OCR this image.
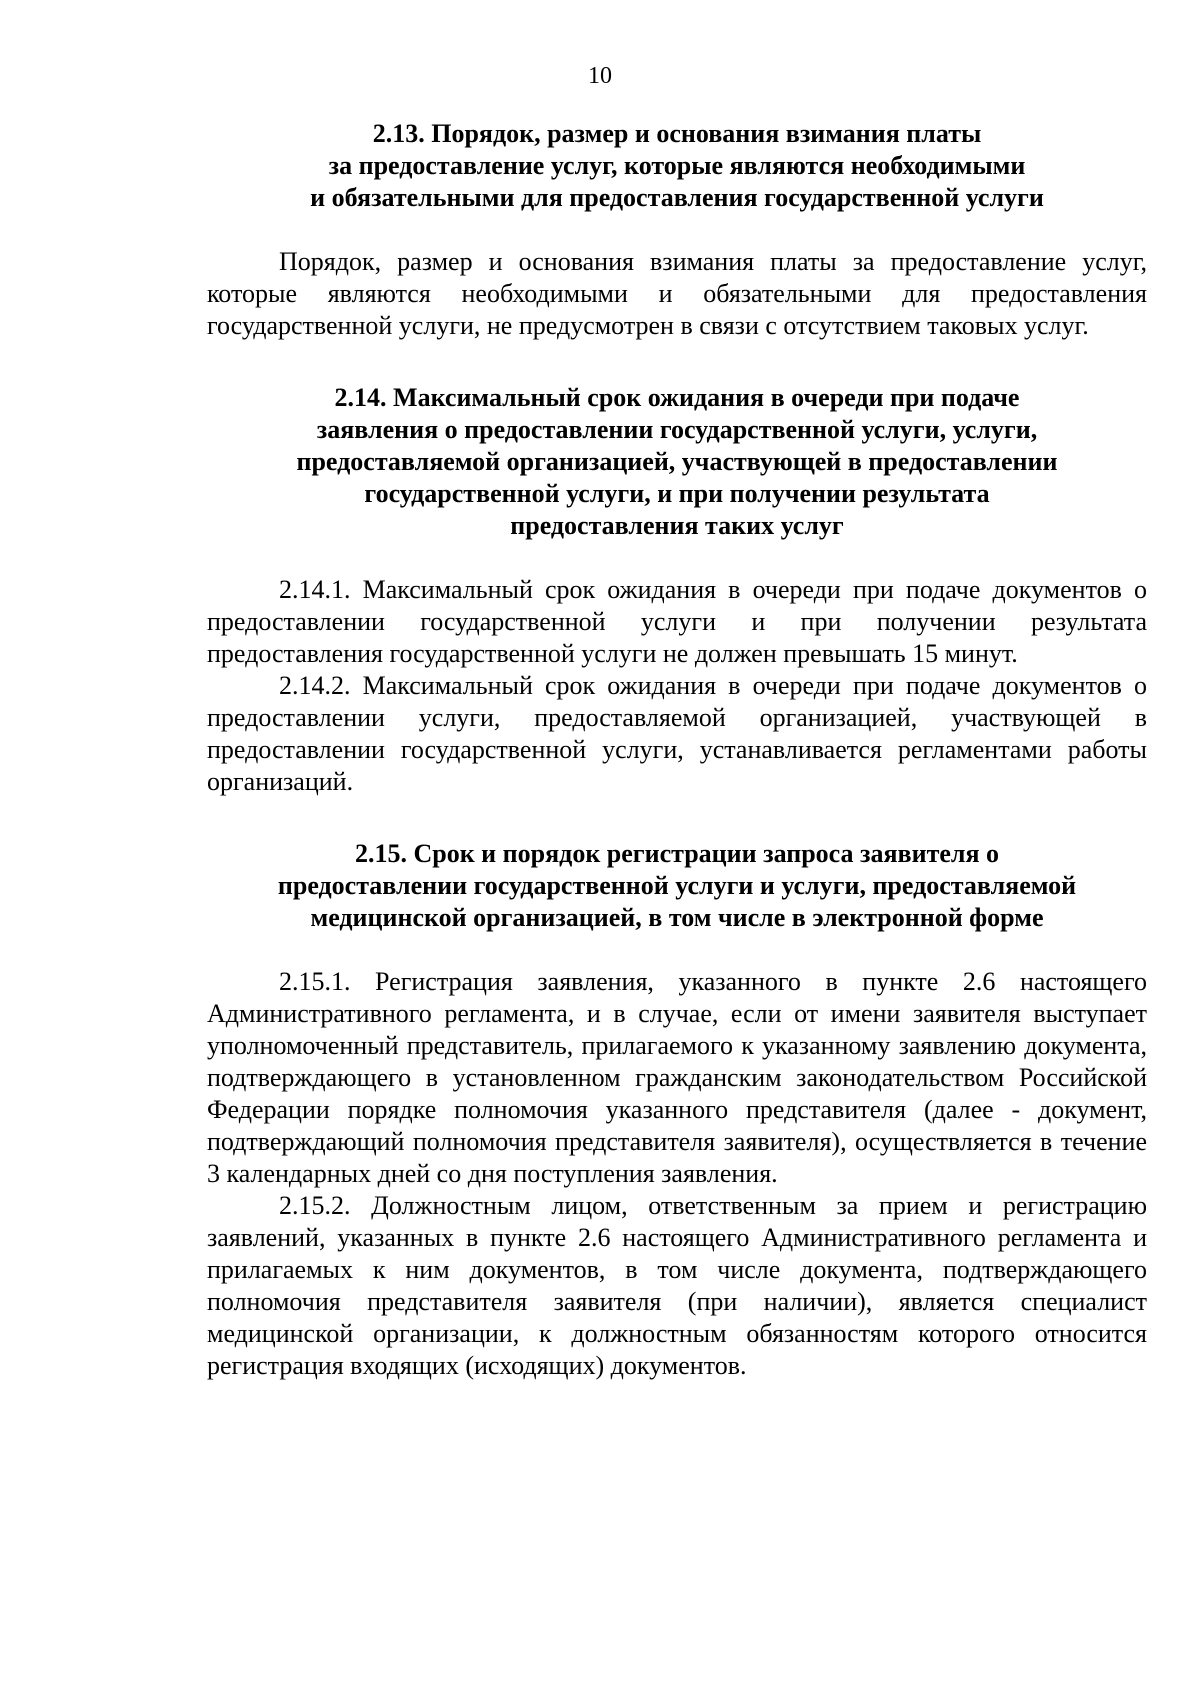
10
2.13. Порядок, размер и основания взимания платы
за предоставление услуг, которые являются необходимыми
и обязательными для предоставления государственной услуги

Порядок, размер и основания взимания платы за предоставление услуг, которые являются необходимыми и обязательными для предоставления государственной услуги, не предусмотрен в связи с отсутствием таковых услуг.

2.14. Максимальный срок ожидания в очереди при подаче
заявления о предоставлении государственной услуги, услуги,
предоставляемой организацией, участвующей в предоставлении
государственной услуги, и при получении результата
предоставления таких услуг

2.14.1. Максимальный срок ожидания в очереди при подаче документов о предоставлении государственной услуги и при получении результата предоставления государственной услуги не должен превышать 15 минут.

2.14.2. Максимальный срок ожидания в очереди при подаче документов о предоставлении услуги, предоставляемой организацией, участвующей в предоставлении государственной услуги, устанавливается регламентами работы организаций.

2.15. Срок и порядок регистрации запроса заявителя о
предоставлении государственной услуги и услуги, предоставляемой
медицинской организацией, в том числе в электронной форме

2.15.1. Регистрация заявления, указанного в пункте 2.6 настоящего Административного регламента, и в случае, если от имени заявителя выступает уполномоченный представитель, прилагаемого к указанному заявлению документа, подтверждающего в установленном гражданским законодательством Российской Федерации порядке полномочия указанного представителя (далее - документ, подтверждающий полномочия представителя заявителя), осуществляется в течение 3 календарных дней со дня поступления заявления.

2.15.2. Должностным лицом, ответственным за прием и регистрацию заявлений, указанных в пункте 2.6 настоящего Административного регламента и прилагаемых к ним документов, в том числе документа, подтверждающего полномочия представителя заявителя (при наличии), является специалист медицинской организации, к должностным обязанностям которого относится регистрация входящих (исходящих) документов.
